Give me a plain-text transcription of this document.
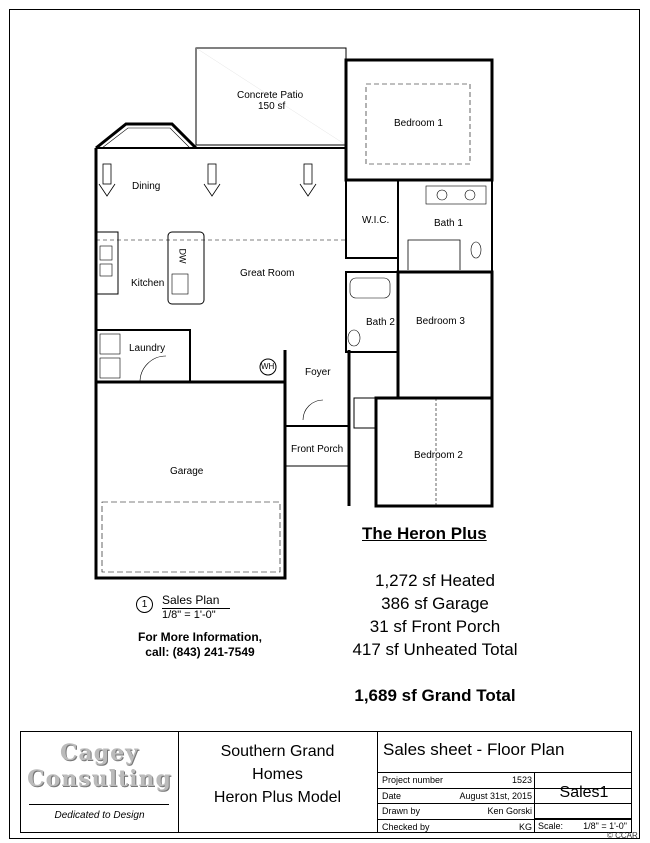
Concrete Patio
150 sf
Bedroom 1
Dining
W.I.C.	Bath 1
Kitchen
DW
Great Room
Bath 2 Bedroom 3
Laundry
WH
Foyer
Front Porch
Bedroom 2
Garage
The Heron Plus
1,272 sf Heated
386 sf Garage
31 sf Front Porch
417 sf Unheated Total
1,689 sf Grand Total
1	Sales Plan
1/8" = 1'-0"
For More Information,
call: (843) 241-7549
Cagey
Consulting
Dedicated to Design
Southern Grand
Homes
Heron Plus Model
Sales sheet - Floor Plan
Project number	1523
Date	August 31st, 2015
Drawn by	Ken Gorski
Checked by	KG
Sales1
Scale: 1/8" = 1'-0"
© CCAR
